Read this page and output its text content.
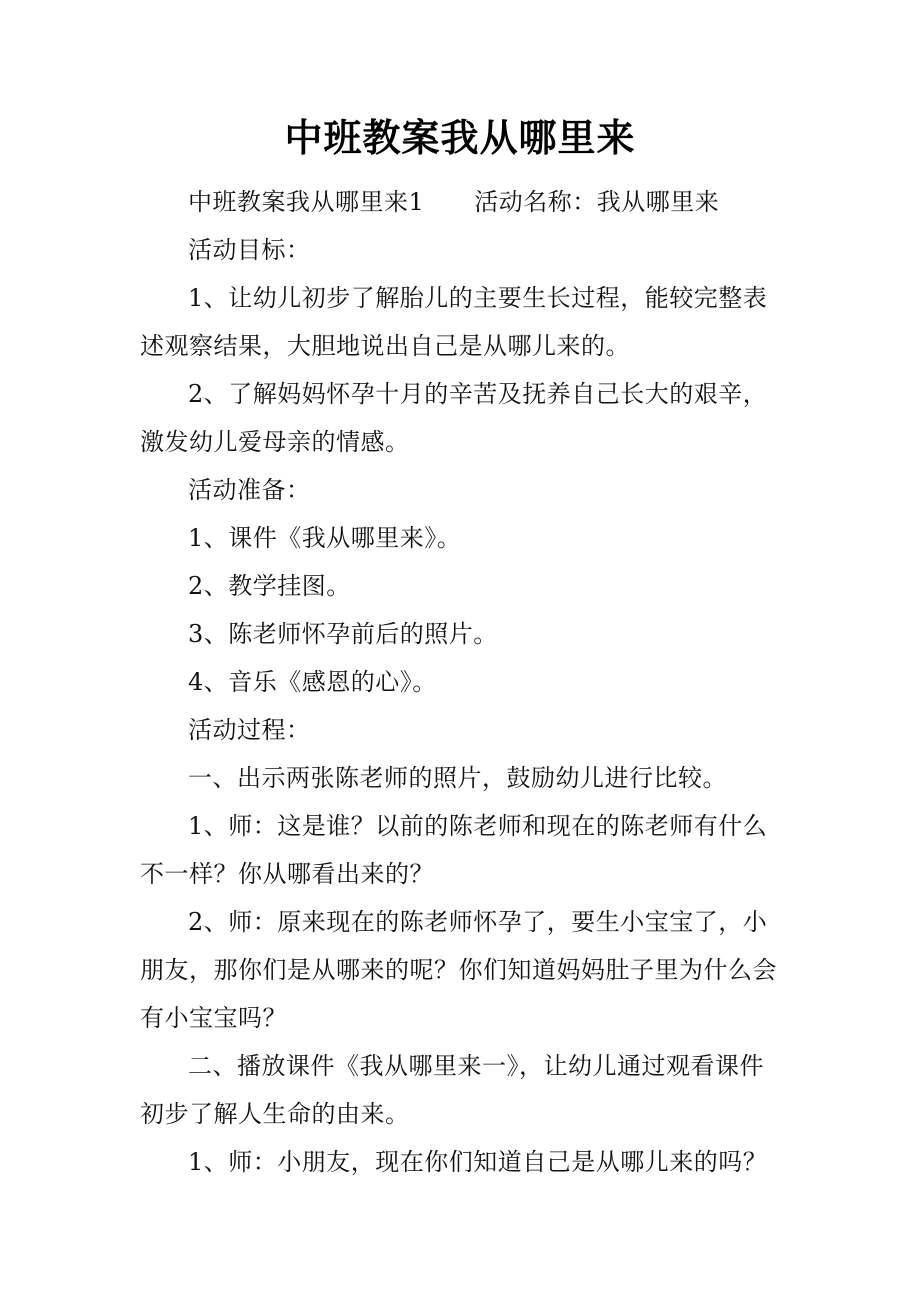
中班教案我从哪里来

中班教案我从哪里来1 活动名称：我从哪里来

活动目标：

1、让幼儿初步了解胎儿的主要生长过程，能较完整表述观察结果，大胆地说出自己是从哪儿来的。

2、了解妈妈怀孕十月的辛苦及抚养自己长大的艰辛，激发幼儿爱母亲的情感。

活动准备：

1、课件《我从哪里来》。

2、教学挂图。

3、陈老师怀孕前后的照片。

4、音乐《感恩的心》。

活动过程：

一、出示两张陈老师的照片，鼓励幼儿进行比较。

1、师：这是谁？以前的陈老师和现在的陈老师有什么不一样？你从哪看出来的？

2、师：原来现在的陈老师怀孕了，要生小宝宝了，小朋友，那你们是从哪来的呢？你们知道妈妈肚子里为什么会有小宝宝吗？

二、播放课件《我从哪里来一》，让幼儿通过观看课件初步了解人生命的由来。

1、师：小朋友，现在你们知道自己是从哪儿来的吗？
